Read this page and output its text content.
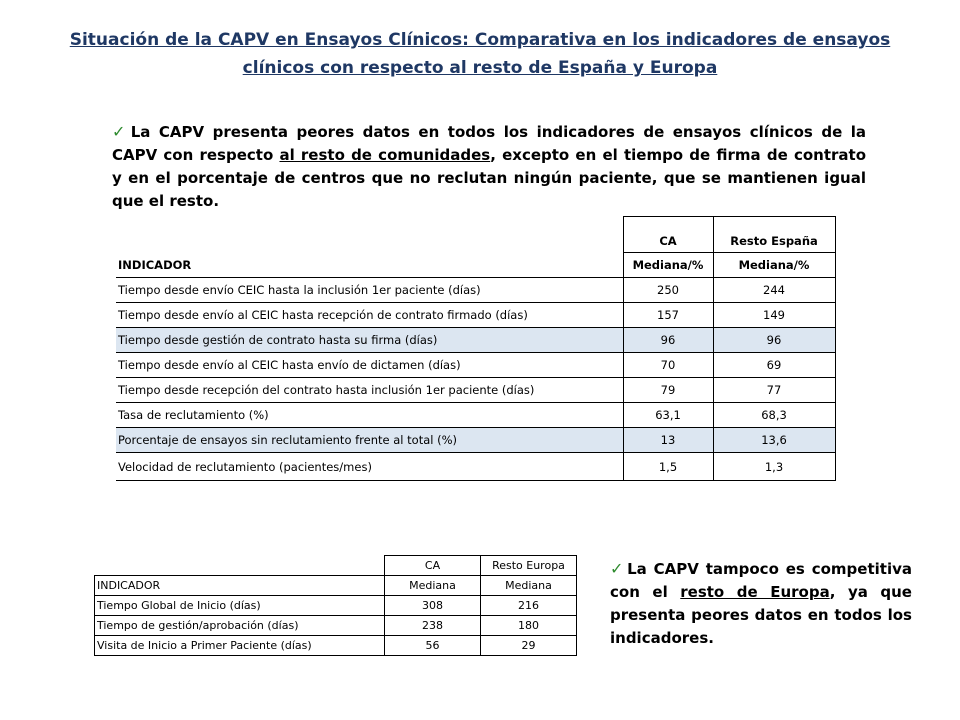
Situación de la CAPV en Ensayos Clínicos: Comparativa en los indicadores de ensayos clínicos con respecto al resto de España y Europa
✓ La CAPV presenta peores datos en todos los indicadores de ensayos clínicos de la CAPV con respecto al resto de comunidades, excepto en el tiempo de firma de contrato y en el porcentaje de centros que no reclutan ningún paciente, que se mantienen igual que el resto.
	CA	Resto España
INDICADOR	Mediana/%	Mediana/%
Tiempo desde envío CEIC hasta la inclusión 1er paciente (días)	250	244
Tiempo desde envío al CEIC hasta recepción de contrato firmado (días)	157	149
Tiempo desde gestión de contrato hasta su firma (días)	96	96
Tiempo desde envío al CEIC hasta envío de dictamen (días)	70	69
Tiempo desde recepción del contrato hasta inclusión 1er paciente (días)	79	77
Tasa de reclutamiento (%)	63,1	68,3
Porcentaje de ensayos sin reclutamiento frente al total (%)	13	13,6
Velocidad de reclutamiento (pacientes/mes)	1,5	1,3
	CA	Resto Europa
INDICADOR	Mediana	Mediana
Tiempo Global de Inicio (días)	308	216
Tiempo de gestión/aprobación (días)	238	180
Visita de Inicio a Primer Paciente (días)	56	29
✓ La CAPV tampoco es competitiva con el resto de Europa, ya que presenta peores datos en todos los indicadores.
